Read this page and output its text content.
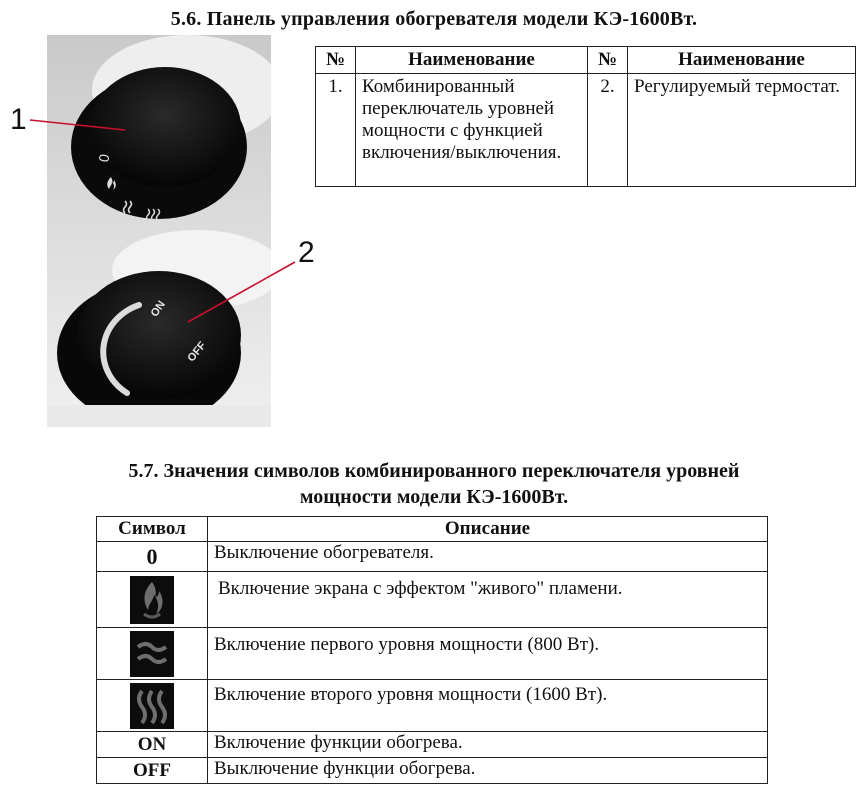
5.6. Панель управления обогревателя модели КЭ-1600Вт.
0
ON
OFF
1
2
№	Наименование	№	Наименование
1.	Комбинированный переключатель уровней мощности с функцией включения/выключения.	2.	Регулируемый термостат.
5.7. Значения символов комбинированного переключателя уровней
мощности модели КЭ-1600Вт.
Символ	Описание
0	Выключение обогревателя.
	Включение экрана с эффектом "живого" пламени.
	Включение первого уровня мощности (800 Вт).
	Включение второго уровня мощности (1600 Вт).
ON	Включение функции обогрева.
OFF	Выключение функции обогрева.
